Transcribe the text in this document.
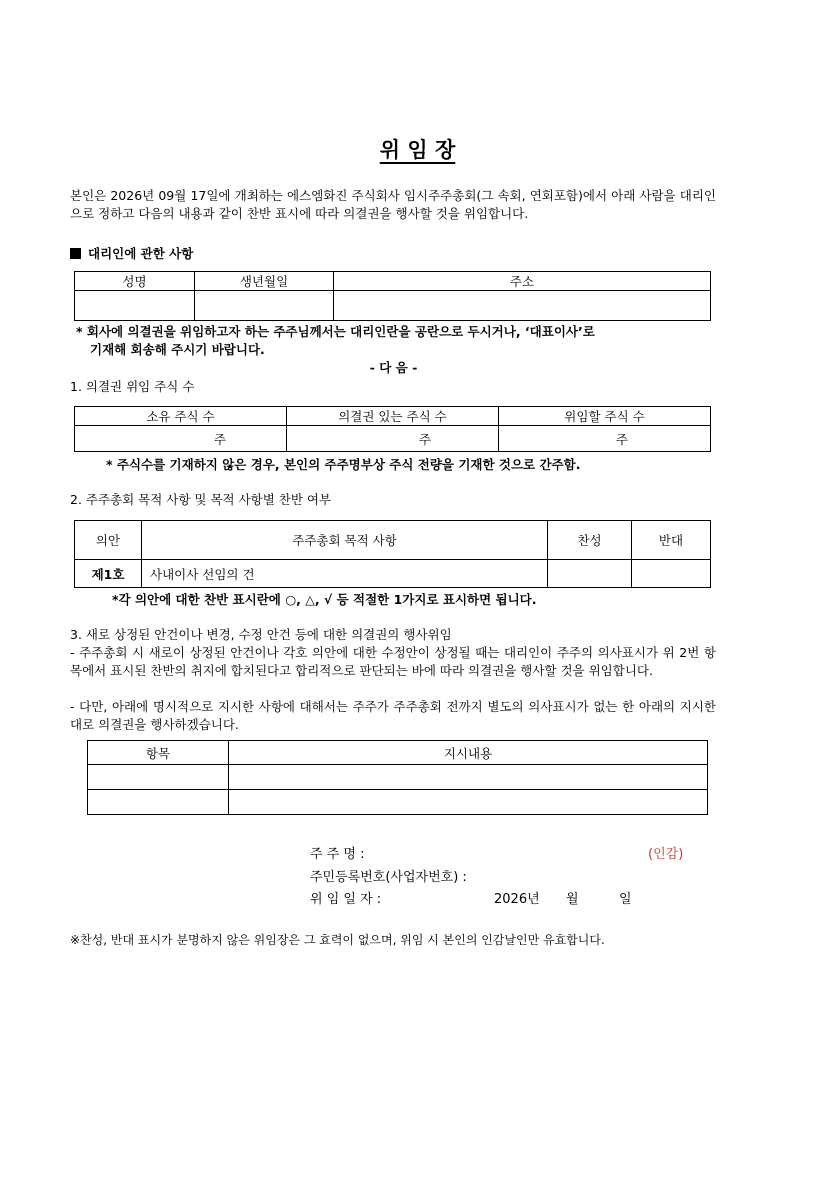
위 임 장
본인은 2026년 09월 17일에 개최하는 에스엠화진 주식회사 임시주주총회(그 속회, 연회포함)에서 아래 사람을 대리인으로 정하고 다음의 내용과 같이 찬반 표시에 따라 의결권을 행사할 것을 위임합니다.
대리인에 관한 사항
성명	생년월일	주소

* 회사에 의결권을 위임하고자 하는 주주님께서는 대리인란을 공란으로 두시거나, ‘대표이사’로
기재해 회송해 주시기 바랍니다.
- 다 음 -
1. 의결권 위임 주식 수
소유 주식 수	의결권 있는 주식 수	위임할 주식 수
주	주	주
* 주식수를 기재하지 않은 경우, 본인의 주주명부상 주식 전량을 기재한 것으로 간주함.
2. 주주총회 목적 사항 및 목적 사항별 찬반 여부
의안	주주총회 목적 사항	찬성	반대
제1호	사내이사 선임의 건		
*각 의안에 대한 찬반 표시란에 ○, △, √ 등 적절한 1가지로 표시하면 됩니다.
3. 새로 상정된 안건이나 변경, 수정 안건 등에 대한 의결권의 행사위임
- 주주총회 시 새로이 상정된 안건이나 각호 의안에 대한 수정안이 상정될 때는 대리인이 주주의 의사표시가 위 2번 항목에서 표시된 찬반의 취지에 합치된다고 합리적으로 판단되는 바에 따라 의결권을 행사할 것을 위임합니다.
- 다만, 아래에 명시적으로 지시한 사항에 대해서는 주주가 주주총회 전까지 별도의 의사표시가 없는 한 아래의 지시한 대로 의결권을 행사하겠습니다.
항목	지시내용

주 주 명 :	(인감)
주민등록번호(사업자번호) :
위 임 일 자 :	2026년 월	일
※찬성, 반대 표시가 분명하지 않은 위임장은 그 효력이 없으며, 위임 시 본인의 인감날인만 유효합니다.
